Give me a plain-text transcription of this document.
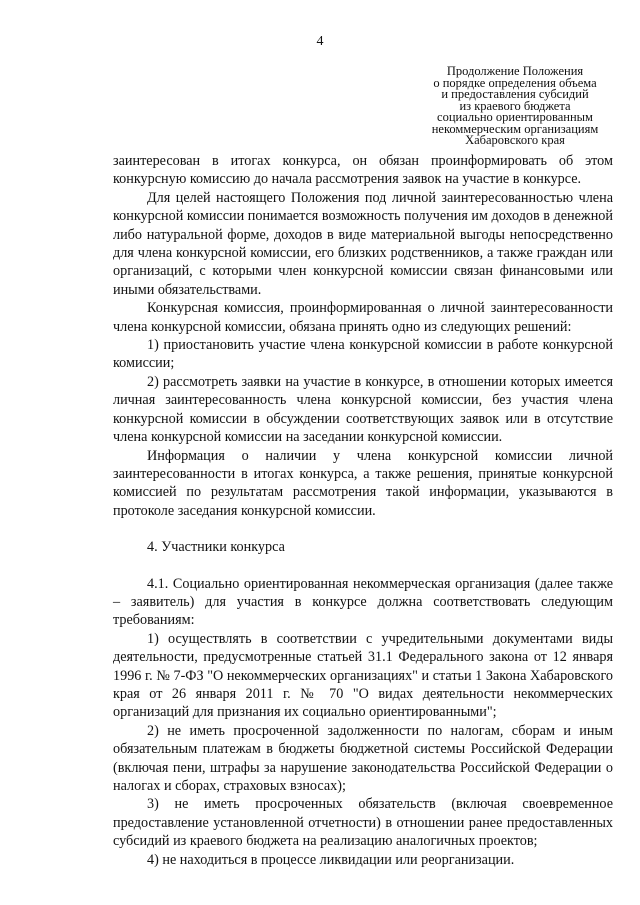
4
Продолжение Положения
о порядке определения объема
и предоставления субсидий
из краевого бюджета
социально ориентированным
некоммерческим организациям
Хабаровского края

заинтересован в итогах конкурса, он обязан проинформировать об этом конкурсную комиссию до начала рассмотрения заявок на участие в конкурсе.

Для целей настоящего Положения под личной заинтересованностью члена конкурсной комиссии понимается возможность получения им доходов в денежной либо натуральной форме, доходов в виде материальной выгоды непосредственно для члена конкурсной комиссии, его близких родственников, а также граждан или организаций, с которыми член конкурсной комиссии связан финансовыми или иными обязательствами.

Конкурсная комиссия, проинформированная о личной заинтересованности члена конкурсной комиссии, обязана принять одно из следующих решений:

1) приостановить участие члена конкурсной комиссии в работе конкурсной комиссии;

2) рассмотреть заявки на участие в конкурсе, в отношении которых имеется личная заинтересованность члена конкурсной комиссии, без участия члена конкурсной комиссии в обсуждении соответствующих заявок или в отсутствие члена конкурсной комиссии на заседании конкурсной комиссии.

Информация о наличии у члена конкурсной комиссии личной заинтересованности в итогах конкурса, а также решения, принятые конкурсной комиссией по результатам рассмотрения такой информации, указываются в протоколе заседания конкурсной комиссии.

4. Участники конкурса

4.1. Социально ориентированная некоммерческая организация (далее также – заявитель) для участия в конкурсе должна соответствовать следующим требованиям:

1) осуществлять в соответствии с учредительными документами виды деятельности, предусмотренные статьей 31.1 Федерального закона от 12 января 1996 г. № 7-ФЗ "О некоммерческих организациях" и статьи 1 Закона Хабаровского края от 26 января 2011 г. № 70 "О видах деятельности некоммерческих организаций для признания их социально ориентированными";

2) не иметь просроченной задолженности по налогам, сборам и иным обязательным платежам в бюджеты бюджетной системы Российской Федерации (включая пени, штрафы за нарушение законодательства Российской Федерации о налогах и сборах, страховых взносах);

3) не иметь просроченных обязательств (включая своевременное предоставление установленной отчетности) в отношении ранее предоставленных субсидий из краевого бюджета на реализацию аналогичных проектов;

4) не находиться в процессе ликвидации или реорганизации.
